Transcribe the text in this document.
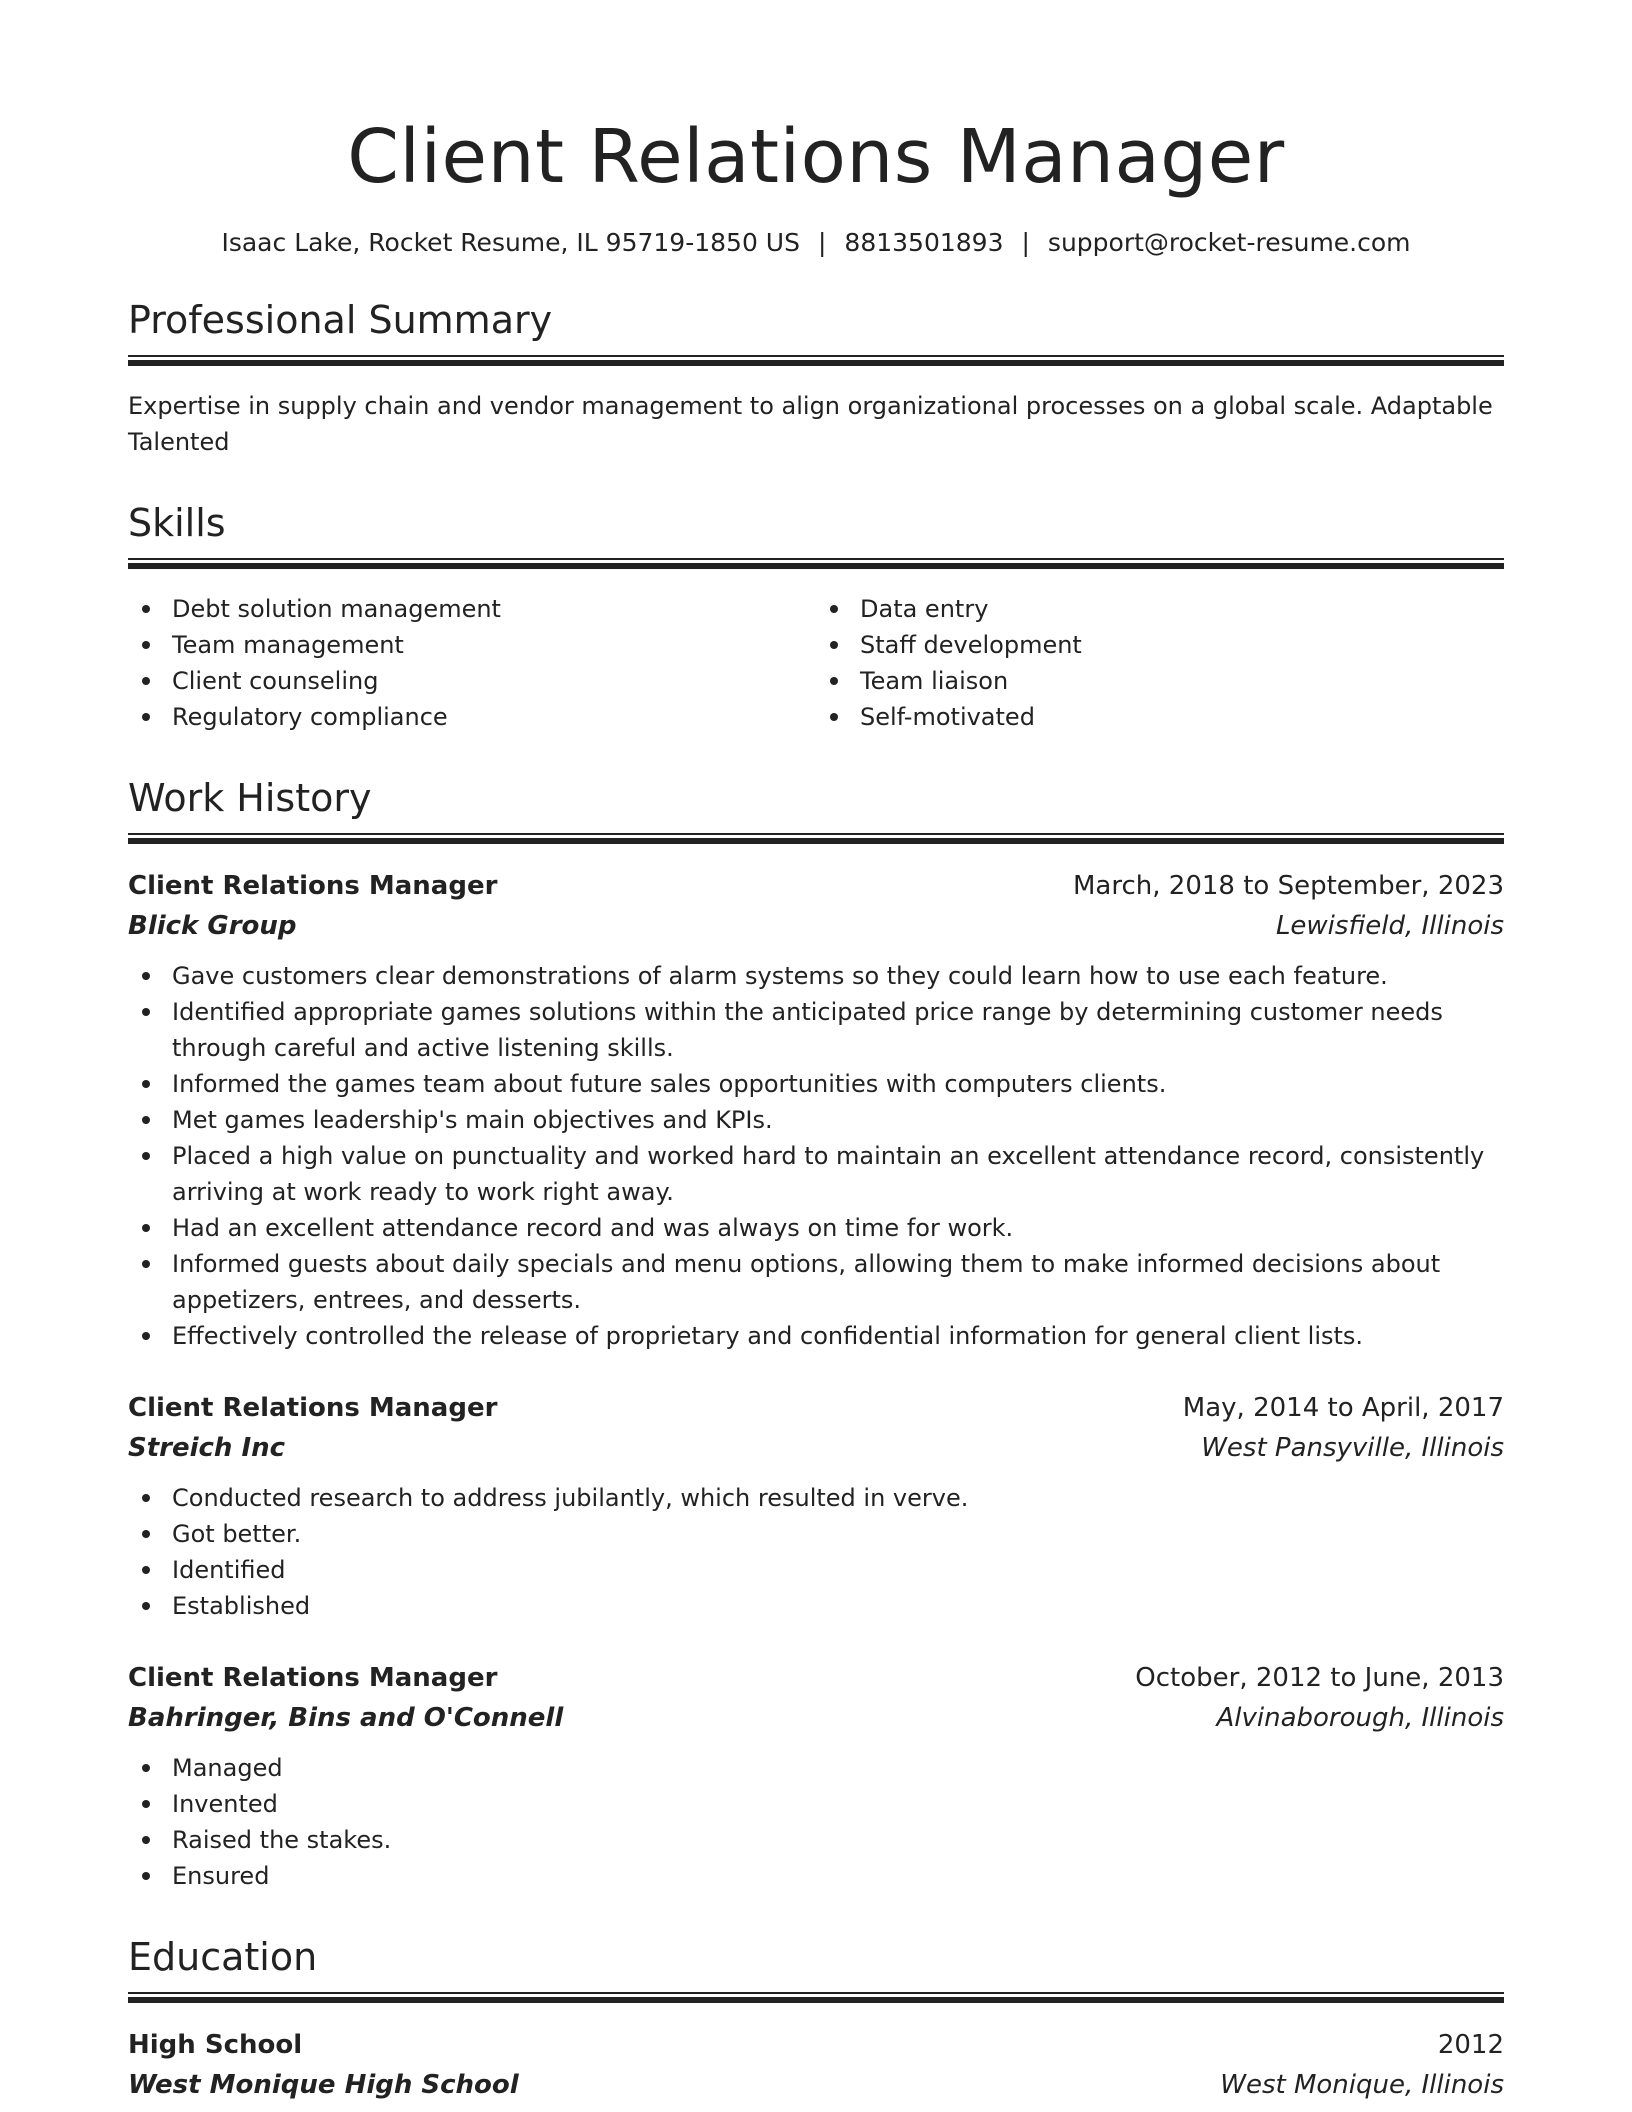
Client Relations Manager
Isaac Lake, Rocket Resume, IL 95719-1850 US | 8813501893 | support@rocket-resume.com
Professional Summary
Expertise in supply chain and vendor management to align organizational processes on a global scale. Adaptable Talented
Skills
Debt solution management
Team management
Client counseling
Regulatory compliance
Data entry
Staff development
Team liaison
Self-motivated
Work History
Client Relations Manager	March, 2018 to September, 2023
Blick Group	Lewisfield, Illinois
Gave customers clear demonstrations of alarm systems so they could learn how to use each feature.
Identified appropriate games solutions within the anticipated price range by determining customer needs through careful and active listening skills.
Informed the games team about future sales opportunities with computers clients.
Met games leadership's main objectives and KPIs.
Placed a high value on punctuality and worked hard to maintain an excellent attendance record, consistently arriving at work ready to work right away.
Had an excellent attendance record and was always on time for work.
Informed guests about daily specials and menu options, allowing them to make informed decisions about appetizers, entrees, and desserts.
Effectively controlled the release of proprietary and confidential information for general client lists.
Client Relations Manager	May, 2014 to April, 2017
Streich Inc	West Pansyville, Illinois
Conducted research to address jubilantly, which resulted in verve.
Got better.
Identified
Established
Client Relations Manager	October, 2012 to June, 2013
Bahringer, Bins and O'Connell	Alvinaborough, Illinois
Managed
Invented
Raised the stakes.
Ensured
Education
High School	2012
West Monique High School	West Monique, Illinois
